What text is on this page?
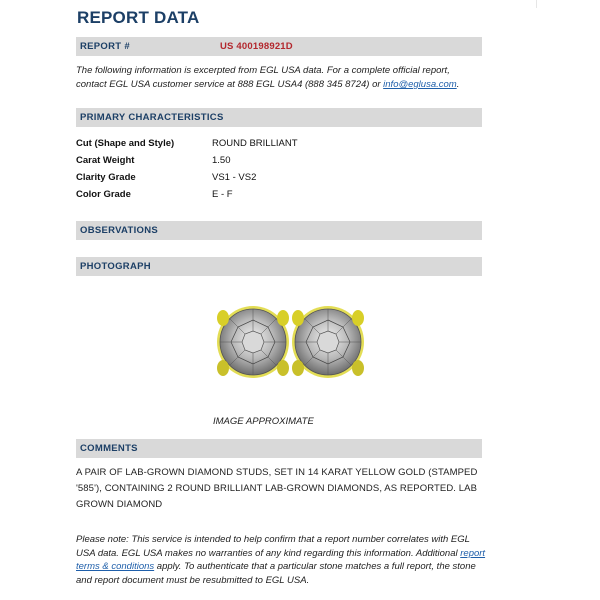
REPORT DATA
REPORT #	US 400198921D
The following information is excerpted from EGL USA data. For a complete official report, contact EGL USA customer service at 888 EGL USA4 (888 345 8724) or info@eglusa.com.
PRIMARY CHARACTERISTICS
Cut (Shape and Style)	ROUND BRILLIANT
Carat Weight	1.50
Clarity Grade	VS1 - VS2
Color Grade	E - F
OBSERVATIONS
PHOTOGRAPH
IMAGE APPROXIMATE
COMMENTS
A PAIR OF LAB-GROWN DIAMOND STUDS, SET IN 14 KARAT YELLOW GOLD (STAMPED '585'), CONTAINING 2 ROUND BRILLIANT LAB-GROWN DIAMONDS, AS REPORTED. LAB GROWN DIAMOND
Please note: This service is intended to help confirm that a report number correlates with EGL USA data. EGL USA makes no warranties of any kind regarding this information. Additional report terms & conditions apply. To authenticate that a particular stone matches a full report, the stone and report document must be resubmitted to EGL USA.
